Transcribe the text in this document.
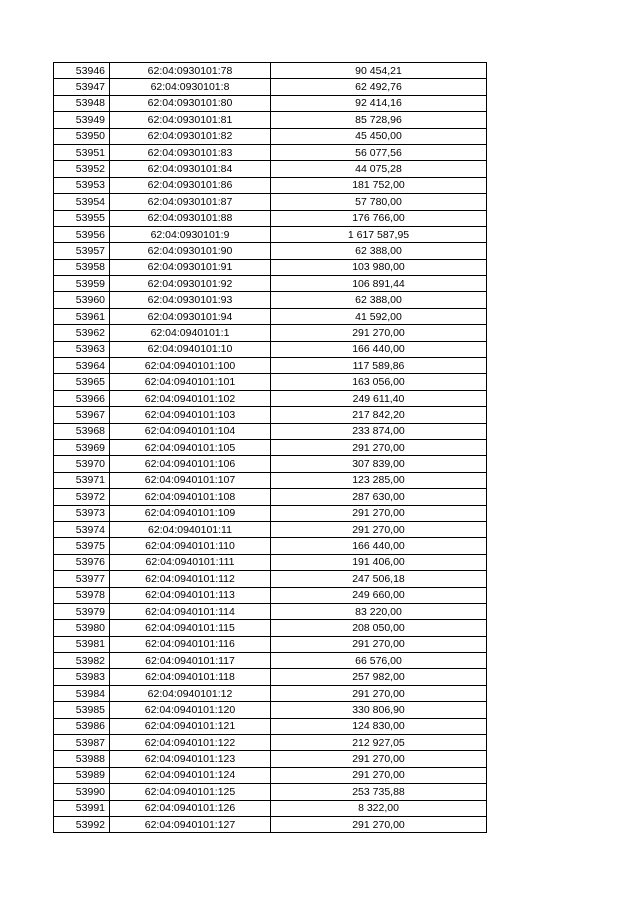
53946	62:04:0930101:78	90 454,21
53947	62:04:0930101:8	62 492,76
53948	62:04:0930101:80	92 414,16
53949	62:04:0930101:81	85 728,96
53950	62:04:0930101:82	45 450,00
53951	62:04:0930101:83	56 077,56
53952	62:04:0930101:84	44 075,28
53953	62:04:0930101:86	181 752,00
53954	62:04:0930101:87	57 780,00
53955	62:04:0930101:88	176 766,00
53956	62:04:0930101:9	1 617 587,95
53957	62:04:0930101:90	62 388,00
53958	62:04:0930101:91	103 980,00
53959	62:04:0930101:92	106 891,44
53960	62:04:0930101:93	62 388,00
53961	62:04:0930101:94	41 592,00
53962	62:04:0940101:1	291 270,00
53963	62:04:0940101:10	166 440,00
53964	62:04:0940101:100	117 589,86
53965	62:04:0940101:101	163 056,00
53966	62:04:0940101:102	249 611,40
53967	62:04:0940101:103	217 842,20
53968	62:04:0940101:104	233 874,00
53969	62:04:0940101:105	291 270,00
53970	62:04:0940101:106	307 839,00
53971	62:04:0940101:107	123 285,00
53972	62:04:0940101:108	287 630,00
53973	62:04:0940101:109	291 270,00
53974	62:04:0940101:11	291 270,00
53975	62:04:0940101:110	166 440,00
53976	62:04:0940101:111	191 406,00
53977	62:04:0940101:112	247 506,18
53978	62:04:0940101:113	249 660,00
53979	62:04:0940101:114	83 220,00
53980	62:04:0940101:115	208 050,00
53981	62:04:0940101:116	291 270,00
53982	62:04:0940101:117	66 576,00
53983	62:04:0940101:118	257 982,00
53984	62:04:0940101:12	291 270,00
53985	62:04:0940101:120	330 806,90
53986	62:04:0940101:121	124 830,00
53987	62:04:0940101:122	212 927,05
53988	62:04:0940101:123	291 270,00
53989	62:04:0940101:124	291 270,00
53990	62:04:0940101:125	253 735,88
53991	62:04:0940101:126	8 322,00
53992	62:04:0940101:127	291 270,00
